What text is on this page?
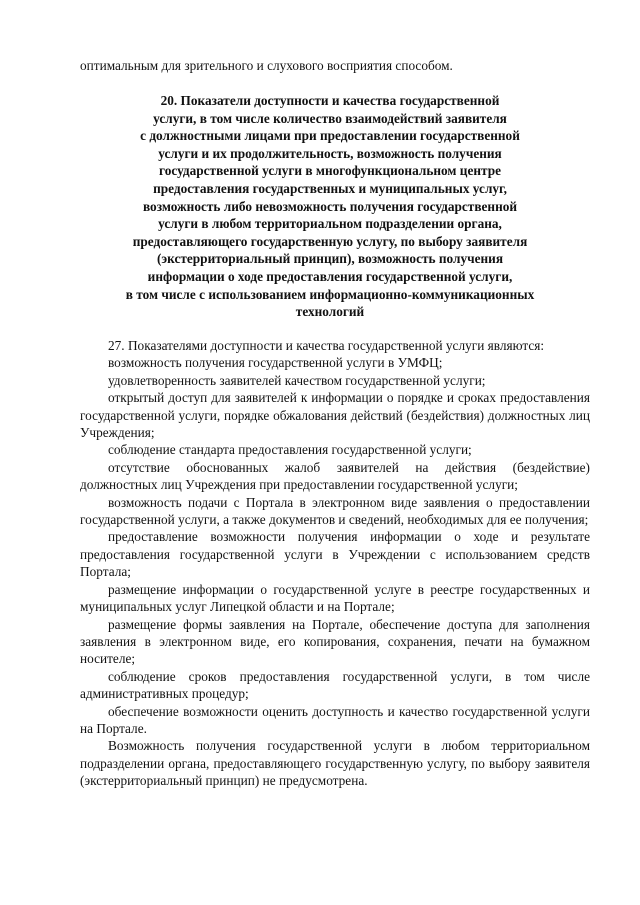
оптимальным для зрительного и слухового восприятия способом.
20. Показатели доступности и качества государственной
услуги, в том числе количество взаимодействий заявителя
с должностными лицами при предоставлении государственной
услуги и их продолжительность, возможность получения
государственной услуги в многофункциональном центре
предоставления государственных и муниципальных услуг,
возможность либо невозможность получения государственной
услуги в любом территориальном подразделении органа,
предоставляющего государственную услугу, по выбору заявителя
(экстерриториальный принцип), возможность получения
информации о ходе предоставления государственной услуги,
в том числе с использованием информационно-коммуникационных
технологий

27. Показателями доступности и качества государственной услуги являются:

возможность получения государственной услуги в УМФЦ;

удовлетворенность заявителей качеством государственной услуги;

открытый доступ для заявителей к информации о порядке и сроках предоставления государственной услуги, порядке обжалования действий (бездействия) должностных лиц Учреждения;

соблюдение стандарта предоставления государственной услуги;

отсутствие обоснованных жалоб заявителей на действия (бездействие) должностных лиц Учреждения при предоставлении государственной услуги;

возможность подачи с Портала в электронном виде заявления о предоставлении государственной услуги, а также документов и сведений, необходимых для ее получения;

предоставление возможности получения информации о ходе и результате предоставления государственной услуги в Учреждении с использованием средств Портала;

размещение информации о государственной услуге в реестре государственных и муниципальных услуг Липецкой области и на Портале;

размещение формы заявления на Портале, обеспечение доступа для заполнения заявления в электронном виде, его копирования, сохранения, печати на бумажном носителе;

соблюдение сроков предоставления государственной услуги, в том числе административных процедур;

обеспечение возможности оценить доступность и качество государственной услуги на Портале.

Возможность получения государственной услуги в любом территориальном подразделении органа, предоставляющего государственную услугу, по выбору заявителя (экстерриториальный принцип) не предусмотрена.
